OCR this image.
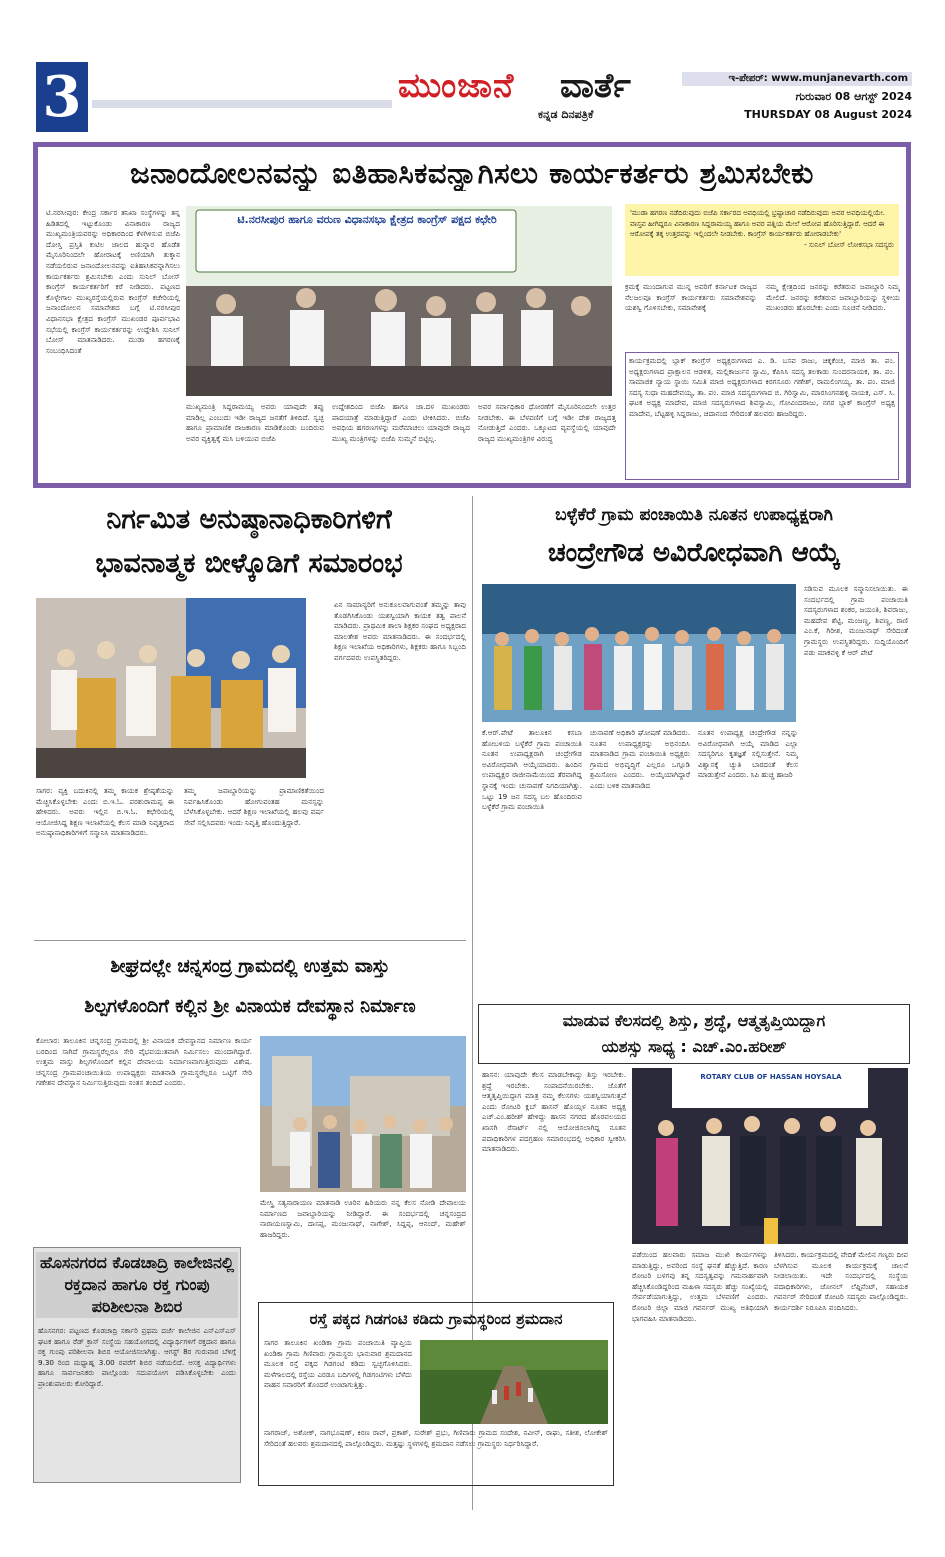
3	ಮುಂಜಾನೆ ವಾರ್ತೆ
ಕನ್ನಡ ದಿನಪತ್ರಿಕೆ
ಇ-ಪೇಪರ್: www.munjanevarth.com
ಗುರುವಾರ 08 ಆಗಸ್ಟ್ 2024
THURSDAY 08 August 2024
ಜನಾಂದೋಲನವನ್ನು ಐತಿಹಾಸಿಕವನ್ನಾಗಿಸಲು ಕಾರ್ಯಕರ್ತರು ಶ್ರಮಿಸಬೇಕು
ಟಿ.ನರಸೀಪುರ: ಕೇಂದ್ರ ಸರ್ಕಾರ ತನಿಖಾ ಸಂಸ್ಥೆಗಳನ್ನು ತನ್ನ ಹಿಡಿತದಲ್ಲಿ ಇಟ್ಟುಕೊಂಡು ವಿನಾಕಾರಣ ರಾಜ್ಯದ ಮುಖ್ಯಮಂತ್ರಿಯವರನ್ನು ಅಧಿಕಾರದಿಂದ ಕೆಳಗಿಳಿಸುವ ಬಿಜೆಪಿ ದೋಸ್ತಿ ಪ್ರಸ್ತಿತಿ ಕುಟಿಲ ಜಾಲದ ಹುನ್ನಾರ ಹೊಡೆತ ಮೈಸೂರಿನಿಂದಲೇ ಹೋರಾಟಕ್ಕೆ ಅಣಿಯಾಗಿ ತುಕ್ಕಾನ ನಡೆಯಲಿರುವ ಜನಾಂದೋಲನವನ್ನು ಐತಿಹಾಸಿಕವನ್ನಾಗಿಸಲು ಕಾರ್ಯಕರ್ತರು ಶ್ರಮಿಸಬೇಕು ಎಂದು ಸುನಿಲ್ ಬೋಸ್ ಕಾಂಗ್ರೆಸ್ ಕಾರ್ಯಕರ್ತರಿಗೆ ಕರೆ ನೀಡಿದರು. ಪಟ್ಟಣದ ಕೊಳ್ಳೇಗಾಲ ಮುಖ್ಯರಸ್ತೆಯಲ್ಲಿರುವ ಕಾಂಗ್ರೆಸ್ ಕಚೇರಿಯಲ್ಲಿ ಜನಾಂದೋಲನ ಸಮಾವೇಶದ ಬಗ್ಗೆ ಟಿ.ನರಸೀಪುರ ವಿಧಾನಸಭಾ ಕ್ಷೇತ್ರದ ಕಾಂಗ್ರೆಸ್ ಮುಖಂಡರ ಪೂರ್ವಭಾವಿ ಸಭೆಯಲ್ಲಿ ಕಾಂಗ್ರೆಸ್ ಕಾರ್ಯಕರ್ತರನ್ನು ಉದ್ದೇಶಿಸಿ ಸುನಿಲ್ ಬೋಸ್ ಮಾತನಾಡಿದರು. ಮುಡಾ ಹಗರಣಕ್ಕೆ ಸಂಬಂಧಿಸಿದಂತೆ
ಟಿ.ನರಸೀಪುರ ಹಾಗೂ ವರುಣ ವಿಧಾನಸಭಾ ಕ್ಷೇತ್ರದ ಕಾಂಗ್ರೆಸ್ ಪಕ್ಷದ ಕಛೇರಿ
ಮುಖ್ಯಮಂತ್ರಿ ಸಿದ್ದರಾಮಯ್ಯ ಅವರು ಯಾವುದೇ ತಪ್ಪು ಮಾಡಿಲ್ಲ ಎಂಬುದು ಇಡೀ ರಾಜ್ಯದ ಜನತೆಗೆ ತಿಳಿದಿದೆ. ಸ್ವಚ್ಛ ಹಾಗೂ ಪ್ರಾಮಾಣಿಕ ರಾಜಕಾರಣ ಮಾಡಿಕೊಂಡು ಬಂದಿರುವ ಅವರ ವ್ಯಕ್ತಿತ್ವಕ್ಕೆ ಮಸಿ ಬಳಿಯುವ ಬಿಜೆಪಿ
ಉದ್ದೇಶದಿಂದ ಬಿಜೆಪಿ ಹಾಗೂ ಜಾ.ದಳ ಮುಖಂಡರು ಪಾದಯಾತ್ರೆ ಮಾಡುತ್ತಿದ್ದಾರೆ ಎಂದು ಟೀಕಿಸಿದರು. ಬಿಜೆಪಿ ಅವಧಿಯ ಹಗರಣಗಳನ್ನು ಮರೆಮಾಚಲು ಯಾವುದೇ ರಾಜ್ಯದ ಮುಖ್ಯ ಮಂತ್ರಿಗಳನ್ನು ಬಿಜೆಪಿ ಸುಮ್ಮನೆ ಬಿಟ್ಟಿಲ್ಲ.
ಅವರ ಸರ್ವಾಧಿಕಾರ ಧೋರಣೆಗೆ ಮೈಸೂರಿನಿಂದಲೇ ಉತ್ತರ ನೀಡಬೇಕು. ಈ ಬೆಳವಣಿಗೆ ಬಗ್ಗೆ ಇಡೀ ದೇಶ ರಾಜ್ಯದತ್ತ ನೋಡುತ್ತಿದೆ ಎಂದರು. ಒಕ್ಕೂಟದ ವ್ಯವಸ್ಥೆಯಲ್ಲಿ ಯಾವುದೇ ರಾಜ್ಯದ ಮುಖ್ಯಮಂತ್ರಿಗಳ ವಿರುದ್ಧ
'ಮುಡಾ ಹಗರಣ ನಡೆದಿರುವುದು ಬಿಜೆಪಿ ಸರ್ಕಾರದ ಅವಧಿಯಲ್ಲಿ ಭ್ರಷ್ಟಾಚಾರ ನಡೆದಿರುವುದು ಅವರ ಅವಧಿಯಲ್ಲಿಯೇ. ವಾಸ್ತವ ಹೀಗಿದ್ದರೂ ವಿನಾಕಾರಣ ಸಿದ್ದರಾಮಯ್ಯ ಹಾಗೂ ಅವರ ಪತ್ನಿಯ ಮೇಲೆ ಆರೋಪ ಹೊರಿಸುತ್ತಿದ್ದಾರೆ. ಆದರೆ ಈ ಆರೋಪಕ್ಕೆ ತಕ್ಕ ಉತ್ತರವನ್ನು ಇಲ್ಲಿಂದಲೇ ನೀಡಬೇಕು. ಕಾಂಗ್ರೆಸ್ ಕಾರ್ಯಕರ್ತರು ಹೋರಾಡಬೇಕು'
- ಸುನಿಲ್ ಬೋಸ್ ಲೋಕಸಭಾ ಸದಸ್ಯರು
ಕ್ರಮಕ್ಕೆ ಮುಂದಾಗುವ ಮುನ್ನ ಅವರಿಗೆ ಕರ್ನಾಟಕ ರಾಜ್ಯದ ನೆಲಜಲವೂ ಕಾಂಗ್ರೆಸ್ ಕಾರ್ಯಕರ್ತರು ಸಮಾವೇಶವನ್ನು ಯಶಸ್ವಿ ಗೊಳಿಸಬೇಕು, ಸಮಾವೇಶಕ್ಕೆ
ನಮ್ಮ ಕ್ಷೇತ್ರದಿಂದ ಜನರನ್ನು ಕರೆತರುವ ಜವಾಬ್ದಾರಿ ನಿಮ್ಮ ಮೇಲಿದೆ. ಜನರನ್ನು ಕರೆತರುವ ಜವಾಬ್ದಾರಿಯನ್ನು ಸ್ಥಳೀಯ ಮುಖಂಡರು ಹೊರಬೇಕು ಎಂದು ಸೂಚನೆ ನೀಡಿದರು.
ಕಾರ್ಯಕ್ರಮದಲ್ಲಿ ಬ್ಲಾಕ್ ಕಾಂಗ್ರೆಸ್ ಅಧ್ಯಕ್ಷರುಗಳಾದ ಎ. ಡಿ. ಬಸವ ರಾಜು, ಚಿಕ್ಕಕೆಂಚ, ಮಾಜಿ ತಾ. ಪಂ. ಅಧ್ಯಕ್ಷರುಗಳಾದ ಪ್ರಾಕ್ಷಾಲನ ಆಡಳಿತ, ಮಲ್ಲಿಕಾರ್ಜುನ ಸ್ವಾಮಿ, ಕೆಪಿಸಿಸಿ ಸದಸ್ಯ ತಲಕಾಡು ಸುಂದರನಾಯಕ, ತಾ. ಪಂ. ಸಾಮಾಜಿಕ ನ್ಯಾಯ ಸ್ಥಾಯಿ ಸಮಿತಿ ಮಾಜಿ ಅಧ್ಯಕ್ಷರುಗಳಾದ ಕಿರಗಸೂರು ಗಣೇಶ್, ರಾಮಲಿಂಗಯ್ಯ. ತಾ. ಪಂ. ಮಾಜಿ ಸದಸ್ಯ ಸುಧಾ ಮಹದೇವಯ್ಯ, ತಾ. ಪಂ. ಮಾಜಿ ಸದಸ್ಯರುಗಳಾದ ಬಿ. ಗಿರಿಸ್ವಾಮಿ, ಮಾರಸಿಂಗನಹಳ್ಳಿ ನಾಯಕ, ಎಸ್. ಸಿ. ಘಟಕ ಅಧ್ಯಕ್ಷ ಮಾದೇವ, ಮಾಜಿ ಸದಸ್ಯರುಗಳಾದ ಶಿವಸ್ವಾಮಿ, ಗೋವಿಂದರಾಜು, ನಗರ ಬ್ಲಾಕ್ ಕಾಂಗ್ರೆಸ್ ಅಧ್ಯಕ್ಷ ಮಾದೇವ, ಬೆಟ್ಟಹಳ್ಳಿ ಸಿದ್ದರಾಜು, ಚಿದಾನಂದ ಸೇರಿದಂತೆ ಹಲವರು ಹಾಜರಿದ್ದರು.
ನಿರ್ಗಮಿತ ಅನುಷ್ಠಾನಾಧಿಕಾರಿಗಳಿಗೆ
ಭಾವನಾತ್ಮಕ ಬೀಳ್ಕೊಡಿಗೆ ಸಮಾರಂಭ
ಏನ ಸಾಮಾನ್ಯರಿಗೆ ಅನುಕೂಲವಾಗುವಂತೆ ತಮ್ಮನ್ನು ತಾವು ತೊಡಗಿಸಿಕೊಂಡು ಯಶಸ್ವಿಯಾಗಿ ಕಾಯಕ ತತ್ವ ಪಾಲನೆ ಮಾಡಿದರು. ಪ್ರಾಥಮಿಕ ಶಾಲಾ ಶಿಕ್ಷಕರ ಸಂಘದ ಅಧ್ಯಕ್ಷರಾದ ಮಾಲತೇಶ ಅವರು ಮಾತನಾಡಿದರು. ಈ ಸಂದರ್ಭದಲ್ಲಿ ಶಿಕ್ಷಣ ಇಲಾಖೆಯ ಅಧಿಕಾರಿಗಳು, ಶಿಕ್ಷಕರು ಹಾಗೂ ಸಿಬ್ಬಂದಿ ವರ್ಗದವರು ಉಪಸ್ಥಿತರಿದ್ದರು.
ಸಾಗರ: ವ್ಯಕ್ತಿ ಬದುಕಿನಲ್ಲಿ ತಮ್ಮ ಕಾಯಕ ಶ್ರೇಷ್ಠತೆಯನ್ನು ಮೆಚ್ಚಿಸಿಕೊಳ್ಳಬೇಕು ಎಂದು ಬಿ.ಇ.ಓ. ಪರಶುರಾಮಪ್ಪ ಈ ಹೇಳಿದರು. ಅವರು ಇಲ್ಲಿನ ಬಿ.ಇ.ಓ. ಕಛೇರಿಯಲ್ಲಿ ಆಯೋಜಿಸಿದ್ದ ಶಿಕ್ಷಣ ಇಲಾಖೆಯಲ್ಲಿ ಕೆಲಸ ಮಾಡಿ ನಿವೃತ್ತರಾದ ಅನುಷ್ಠಾನಾಧಿಕಾರಿಗಳಿಗೆ ಸನ್ಮಾನಿಸಿ ಮಾತನಾಡಿದರು.
ತಮ್ಮ ಜವಾಬ್ದಾರಿಯನ್ನು ಪ್ರಾಮಾಣಿಕತೆಯಿಂದ ನಿರ್ವಹಿಸಿಕೊಂಡು ಹೋಗುವಂತಹ ಮನಸ್ಸನ್ನು ಬೆಳೆಸಿಕೊಳ್ಳಬೇಕು. ಆದರೆ ಶಿಕ್ಷಣ ಇಲಾಖೆಯಲ್ಲಿ ಹಲವು ವರ್ಷ ಸೇವೆ ಸಲ್ಲಿಸಿದವರು ಇಂದು ನಿವೃತ್ತಿ ಹೊಂದುತ್ತಿದ್ದಾರೆ.
ಬಳ್ಳೆಕೆರೆ ಗ್ರಾಮ ಪಂಚಾಯಿತಿ ನೂತನ ಉಪಾಧ್ಯಕ್ಷರಾಗಿ
ಚಂದ್ರೇಗೌಡ ಅವಿರೋಧವಾಗಿ ಆಯ್ಕೆ
ಸಡಿಸುವ ಮೂಲಕ ಸನ್ಮಾನಿಸಲಾಯಿತು. ಈ ಸಂದರ್ಭದಲ್ಲಿ ಗ್ರಾಮ ಪಂಚಾಯಿತಿ ಸದಸ್ಯರುಗಳಾದ ಶಂಕರ, ಜಯಂತಿ, ಶಿವರಾಜು, ಮಹದೇವ ಶೆಟ್ಟಿ, ಮಂಜಣ್ಣ, ಶಿವಣ್ಣ, ರಾಣಿ ಎಂ.ಕೆ, ಗಿರೀಶ, ಮಂಜುನಾಥ್ ಸೇರಿದಂತೆ ಗ್ರಾಮಸ್ಥರು ಉಪಸ್ಥಿತರಿದ್ದರು. ಸುದ್ದಿಯೊಂದಿಗೆ ಪಡು ಮಾಕವಳ್ಳಿ ಕೆ ಆರ್ ಪೇಟೆ
ಕೆ.ಆರ್.ಪೇಟೆ ತಾಲೂಕಿನ ಕಸಬಾ ಹೋಬಳಿಯ ಬಳ್ಳೆಕೆರೆ ಗ್ರಾಮ ಪಂಚಾಯಿತಿ ನೂತನ ಉಪಾಧ್ಯಕ್ಷರಾಗಿ ಚಂದ್ರೇಗೌಡ ಅವಿರೋಧವಾಗಿ ಆಯ್ಕೆಯಾದರು. ಹಿಂದಿನ ಉಪಾಧ್ಯಕ್ಷರ ರಾಜೀನಾಮೆಯಿಂದ ತೆರವಾಗಿದ್ದ ಸ್ಥಾನಕ್ಕೆ ಇಂದು ಚುನಾವಣೆ ನಿಗದಿಯಾಗಿತ್ತು. ಒಟ್ಟು 19 ಜನ ಸದಸ್ಯ ಬಲ ಹೊಂದಿರುವ ಬಳ್ಳೆಕೆರೆ ಗ್ರಾಮ ಪಂಚಾಯಿತಿ
ಚುನಾವಣೆ ಅಧಿಕಾರಿ ಘೋಷಣೆ ಮಾಡಿದರು. ನೂತನ ಉಪಾಧ್ಯಕ್ಷರನ್ನು ಅಭಿನಂದಿಸಿ ಮಾತನಾಡಿದ ಗ್ರಾಮ ಪಂಚಾಯಿತಿ ಅಧ್ಯಕ್ಷರು ಗ್ರಾಮದ ಅಭಿವೃದ್ಧಿಗೆ ಎಲ್ಲರೂ ಒಗ್ಗೂಡಿ ಶ್ರಮಿಸೋಣ ಎಂದರು. ಅಯ್ಕೆಯಾಗಿದ್ದಾರೆ ಎಂದು ಬಳಿಕ ಮಾತನಾಡಿದ
ನೂತನ ಉಪಾಧ್ಯಕ್ಷ ಚಂದ್ರೇಗೌಡ ನನ್ನನ್ನು ಅವಿರೋಧವಾಗಿ ಆಯ್ಕೆ ಮಾಡಿದ ಎಲ್ಲಾ ಸದಸ್ಯರಿಗೂ ಕೃತಜ್ಞತೆ ಸಲ್ಲಿಸುತ್ತೇನೆ. ನಿಮ್ಮ ವಿಶ್ವಾಸಕ್ಕೆ ಚ್ಯುತಿ ಬಾರದಂತೆ ಕೆಲಸ ಮಾಡುತ್ತೇನೆ ಎಂದರು. ಸಿಪಿ ಹುಚ್ಚ ಹಾಜರಿ
ಶೀಘ್ರದಲ್ಲೇ ಚನ್ನಸಂದ್ರ ಗ್ರಾಮದಲ್ಲಿ ಉತ್ತಮ ವಾಸ್ತು
ಶಿಲ್ಪಗಳೊಂದಿಗೆ ಕಲ್ಲಿನ ಶ್ರೀ ವಿನಾಯಕ ದೇವಸ್ಥಾನ ನಿರ್ಮಾಣ
ಕೋಲಾರ: ತಾಲೂಕಿನ ಚನ್ನಸಂದ್ರ ಗ್ರಾಮದಲ್ಲಿ ಶ್ರೀ ವಿನಾಯಕ ದೇವಸ್ಥಾನದ ನಿರ್ಮಾಣ ಕಾರ್ಯ ಬರದಿಂದ ಸಾಗಿದೆ ಗ್ರಾಮಸ್ಥರೆಲ್ಲರೂ ಸೇರಿ ವೈಭವಯುತವಾಗಿ ನಿರ್ಮಿಸಲು ಮುಂದಾಗಿದ್ದಾರೆ. ಉತ್ತಮ ವಾಸ್ತು ಶಿಲ್ಪಗಳೊಂದಿಗೆ ಕಲ್ಲಿನ ದೇವಾಲಯ ನಿರ್ಮಾಣವಾಗುತ್ತಿರುವುದು ವಿಶೇಷ. ಚನ್ನಸಂದ್ರ ಗ್ರಾಮಪಂಚಾಯಿತಿಯ ಉಪಾಧ್ಯಕ್ಷರು ಮಾತನಾಡಿ ಗ್ರಾಮಸ್ಥರೆಲ್ಲರೂ ಒಟ್ಟಿಗೆ ಸೇರಿ ಗಣೇಶನ ದೇವಸ್ಥಾನ ನಿರ್ಮಿಸುತ್ತಿರುವುದು ಸಂತಸ ತಂದಿದೆ ಎಂದರು.
ಮೇಸ್ತ್ರಿ ಸತ್ಯನಾರಾಯಣ ಮಾತನಾಡಿ ಊರಿನ ಹಿರಿಯರು ನನ್ನ ಕೆಲಸ ನೋಡಿ ದೇವಾಲಯ ನಿರ್ಮಾಣದ ಜವಾಬ್ದಾರಿಯನ್ನು ನೀಡಿದ್ದಾರೆ. ಈ ಸಂದರ್ಭದಲ್ಲಿ ಚನ್ನಸಂದ್ರದ ನಾರಾಯಣಸ್ವಾಮಿ, ದಾಸಪ್ಪ, ಮಂಜುನಾಥ್, ನಾಗೇಶ್, ಸಿದ್ದಪ್ಪ, ಆನಂದ್, ಮಹೇಶ್ ಹಾಜರಿದ್ದರು.
ಹೊಸನಗರದ ಕೊಡಚಾದ್ರಿ ಕಾಲೇಜಿನಲ್ಲಿ ರಕ್ತದಾನ ಹಾಗೂ ರಕ್ತ ಗುಂಪು ಪರಿಶೀಲನಾ ಶಿಬಿರ
ಹೊಸನಗರ: ಪಟ್ಟಣದ ಕೊಡಚಾದ್ರಿ ಸರ್ಕಾರಿ ಪ್ರಥಮ ದರ್ಜೆ ಕಾಲೇಜಿನ ಎನ್ಎಸ್ಎಸ್ ಘಟಕ ಹಾಗೂ ರೆಡ್ ಕ್ರಾಸ್ ಸಂಸ್ಥೆಯ ಸಹಯೋಗದಲ್ಲಿ ವಿದ್ಯಾರ್ಥಿಗಳಿಗೆ ರಕ್ತದಾನ ಹಾಗೂ ರಕ್ತ ಗುಂಪು ಪರಿಶೀಲನಾ ಶಿಬಿರ ಆಯೋಜಿಸಲಾಗಿತ್ತು. ಆಗಸ್ಟ್ 8ರ ಗುರುವಾರ ಬೆಳಿಗ್ಗೆ 9.30 ರಿಂದ ಮಧ್ಯಾಹ್ನ 3.00 ರವರೆಗೆ ಶಿಬಿರ ನಡೆಯಲಿದೆ. ಆಸಕ್ತ ವಿದ್ಯಾರ್ಥಿಗಳು ಹಾಗೂ ಸಾರ್ವಜನಿಕರು ಪಾಲ್ಗೊಂಡು ಸದುಪಯೋಗ ಪಡಿಸಿಕೊಳ್ಳಬೇಕು ಎಂದು ಪ್ರಾಂಶುಪಾಲರು ಕೋರಿದ್ದಾರೆ.
ರಸ್ತೆ ಪಕ್ಕದ ಗಿಡಗಂಟಿ ಕಡಿದು ಗ್ರಾಮಸ್ಥರಿಂದ ಶ್ರಮದಾನ
ಸಾಗರ ತಾಲೂಕಿನ ಖಂಡಿಕಾ ಗ್ರಾಮ ಪಂಚಾಯಿತಿ ವ್ಯಾಪ್ತಿಯ ಖಂಡಿಕಾ ಗ್ರಾಮ ಗಿಣಿವಾರು ಗ್ರಾಮಸ್ಥರು ಭಾನುವಾರ ಶ್ರಮದಾನದ ಮೂಲಕ ರಸ್ತೆ ಪಕ್ಕದ ಗಿಡಗಂಟಿ ಕಡಿದು ಸ್ವಚ್ಛಗೊಳಿಸಿದರು. ಮಳೆಗಾಲದಲ್ಲಿ ರಸ್ತೆಯ ಎರಡೂ ಬದಿಗಳಲ್ಲಿ ಗಿಡಗಂಟಿಗಳು ಬೆಳೆದು ವಾಹನ ಸವಾರರಿಗೆ ತೊಂದರೆ ಉಂಟಾಗುತ್ತಿತ್ತು.
ನಾಗರಾಜ್, ಅಶೋಕ್, ನಾಗಭೂಷಣ್, ಕಿರಣ ರಾವ್, ಪ್ರಕಾಶ್, ಸುರೇಶ್ ಪ್ರಭು, ಗಿಣಿವಾರು ಗ್ರಾಮದ ಸಂದೇಶ, ನವೀನ್, ರಾಘು, ಸತೀಶ, ಲೋಕೇಶ್ ಸೇರಿದಂತೆ ಹಲವರು ಶ್ರಮದಾನದಲ್ಲಿ ಪಾಲ್ಗೊಂಡಿದ್ದರು. ಮತ್ತಷ್ಟು ಸ್ಥಳಗಳಲ್ಲಿ ಶ್ರಮದಾನ ನಡೆಸಲು ಗ್ರಾಮಸ್ಥರು ನಿರ್ಧರಿಸಿದ್ದಾರೆ.
ಮಾಡುವ ಕೆಲಸದಲ್ಲಿ ಶಿಸ್ತು, ಶ್ರದ್ಧೆ, ಆತ್ಮತೃಪ್ತಿಯಿದ್ದಾಗ
ಯಶಸ್ಸು ಸಾಧ್ಯ : ಎಚ್.ಎಂ.ಹರೀಶ್
ಹಾಸನ: ಯಾವುದೇ ಕೆಲಸ ಮಾಡಬೇಕಾದ್ದು ಶಿಸ್ತು ಇರಬೇಕು. ಶ್ರದ್ಧೆ ಇರಬೇಕು. ಸಂಪಾದನೆಯಿರಬೇಕು. ಜೊತೆಗೆ ಆತ್ಮತೃಪ್ತಿಯಿದ್ದಾಗ ಮಾತ್ರ ನಮ್ಮ ಕೆಲಸಗಳು ಯಶಸ್ವಿಯಾಗುತ್ತವೆ ಎಂದು ರೋಟರಿ ಕ್ಲಬ್ ಹಾಸನ್ ಹೊಯ್ಸಳ ನೂತನ ಅಧ್ಯಕ್ಷ ಎಚ್.ಎಂ.ಹರೀಶ್ ಹೇಳಿದ್ದು ಹಾಸನ ನಗರದ ಹೊರವಲಯದ ಖಾಸಗಿ ರೆಸಾರ್ಟ್ ನಲ್ಲಿ ಆಯೋಜಿಸಲಾಗಿದ್ದ ನೂತನ ಪದಾಧಿಕಾರಿಗಳ ಪದಗ್ರಹಣ ಸಮಾರಂಭದಲ್ಲಿ ಅಧಿಕಾರ ಸ್ವೀಕರಿಸಿ ಮಾತನಾಡಿದರು.
ROTARY CLUB OF HASSAN HOYSALA
ಪಡೆಯಿಂದ ಹಲವಾರು ಸಮಾಜ ಮುಖಿ ಕಾರ್ಯಗಳನ್ನು ಮಾಡುತ್ತಿದ್ದು, ಅವರಿಂದ ಸಂಸ್ಥೆ ಘನತೆ ಹೆಚ್ಚುತ್ತಿದೆ. ಕಾರಣ ರೋಟರಿ ಬಳಗವು ತನ್ನ ಸದಸ್ಯತ್ವವನ್ನು ಗಮನಾರ್ಹವಾಗಿ ಹೆಚ್ಚಿಸಿಕೊಂಡಿದ್ದರಿಂದ ಮಹಿಳಾ ಸದಸ್ಯರು ಹೆಚ್ಚು ಸಂಖ್ಯೆಯಲ್ಲಿ ಸೇರ್ಪಡೆಯಾಗುತ್ತಿದ್ದು, ಉತ್ತಮ ಬೆಳವಣಿಗೆ ಎಂದರು. ರೋಟರಿ ಜಿಲ್ಲಾ ಮಾಜಿ ಗವರ್ನರ್ ಮುಖ್ಯ ಅತಿಥಿಯಾಗಿ ಭಾಗವಹಿಸಿ ಮಾತನಾಡಿದರು.
ತಿಳಿಸಿದರು. ಕಾರ್ಯಕ್ರಮದಲ್ಲಿ ವೇದಿಕೆ ಮೇಲಿನ ಗಣ್ಯರು ದೀಪ ಬೆಳಗಿಸುವ ಮೂಲಕ ಕಾರ್ಯಕ್ರಮಕ್ಕೆ ಚಾಲನೆ ನೀಡಲಾಯಿತು. ಇದೇ ಸಂದರ್ಭದಲ್ಲಿ ಸಂಸ್ಥೆಯ ಪದಾಧಿಕಾರಿಗಳು, ಜೋನಲ್ ಲೆಫ್ಟಿನೆಂಟ್, ಸಹಾಯಕ ಗವರ್ನರ್ ಸೇರಿದಂತೆ ರೋಟರಿ ಸದಸ್ಯರು ಪಾಲ್ಗೊಂಡಿದ್ದರು. ಕಾರ್ಯದರ್ಶಿ ನಿರೂಪಿಸಿ ವಂದಿಸಿದರು.
